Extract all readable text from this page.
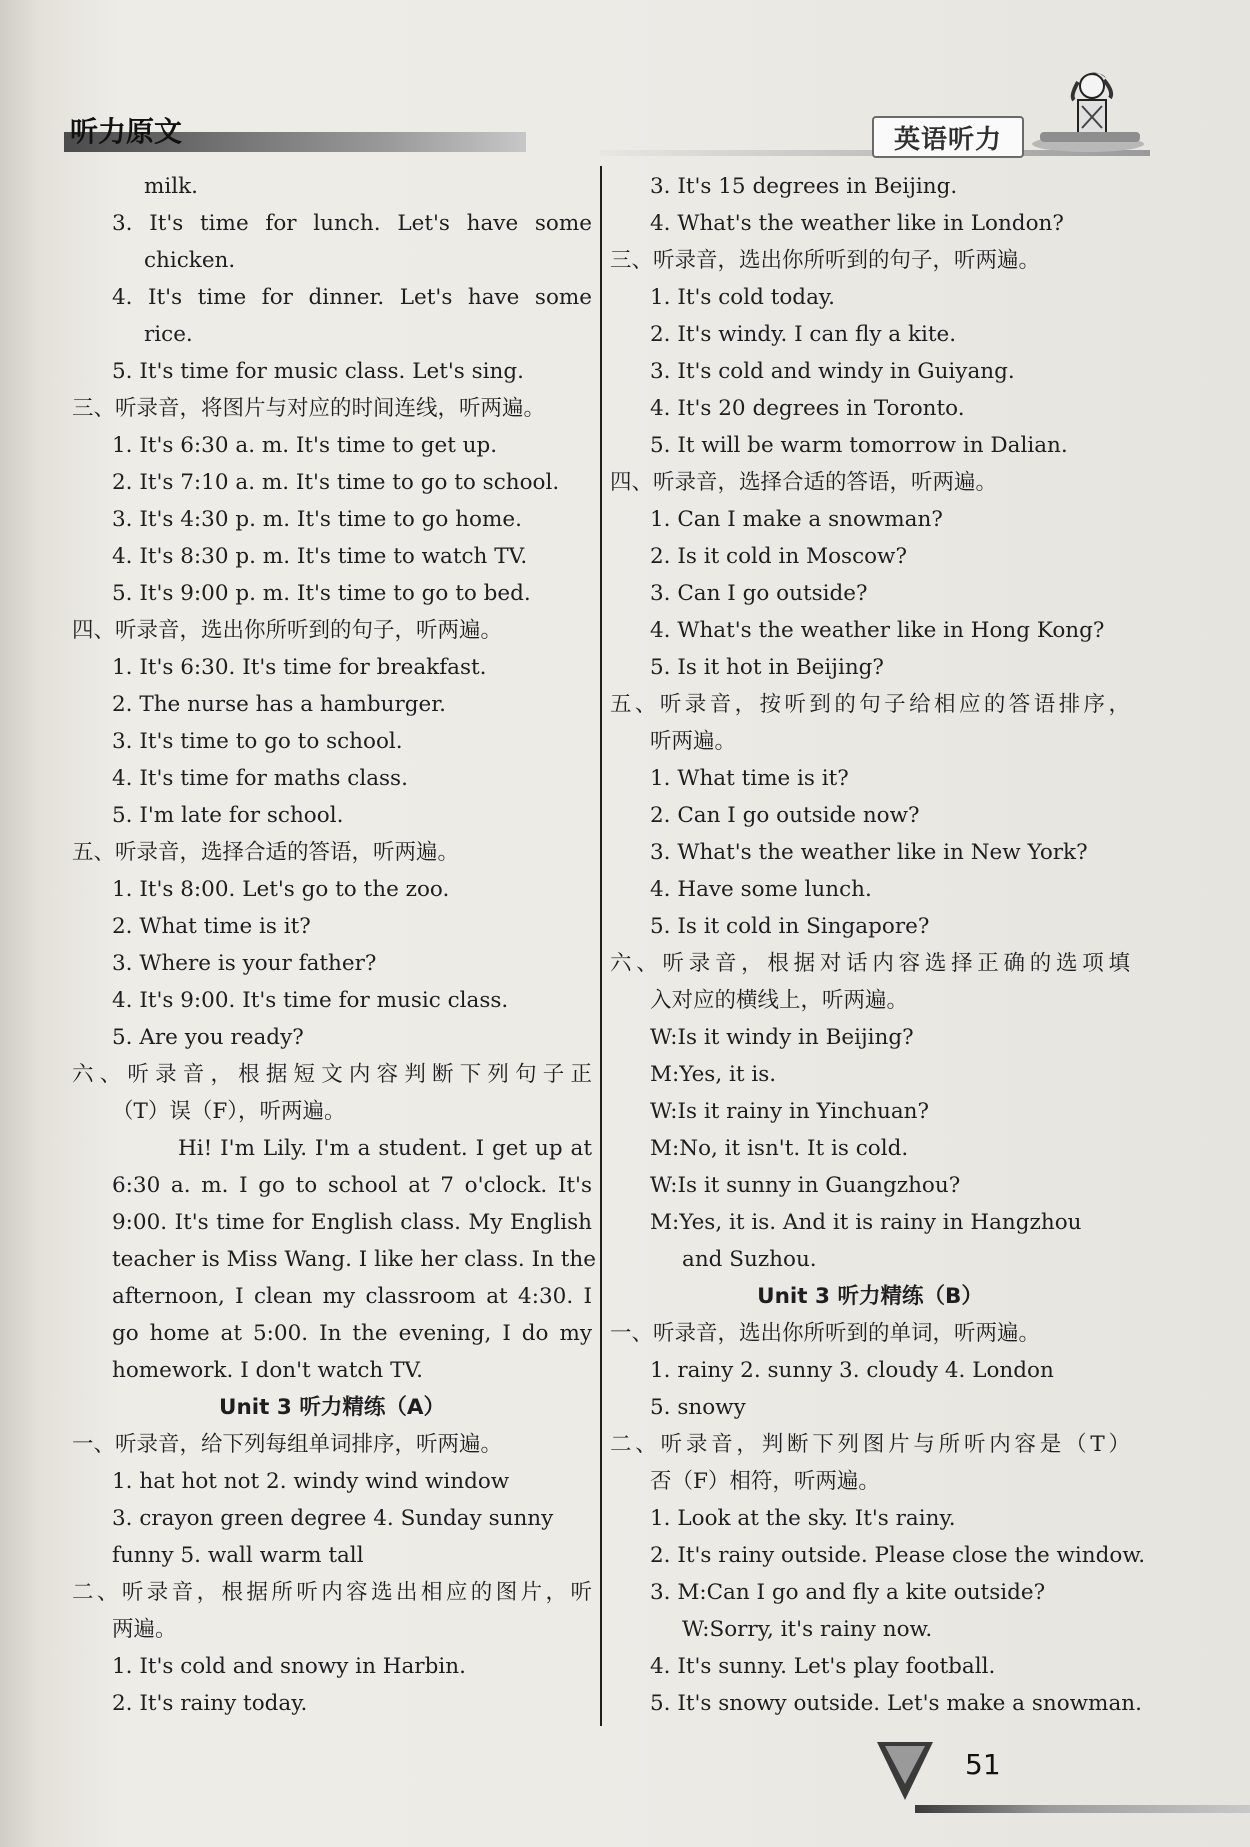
听力原文	英语听力
milk.
3. It's time for lunch. Let's have some
chicken.
4. It's time for dinner. Let's have some
rice.
5. It's time for music class. Let's sing.
三、听录音，将图片与对应的时间连线，听两遍。
1. It's 6:30 a. m. It's time to get up.
2. It's 7:10 a. m. It's time to go to school.
3. It's 4:30 p. m. It's time to go home.
4. It's 8:30 p. m. It's time to watch TV.
5. It's 9:00 p. m. It's time to go to bed.
四、听录音，选出你所听到的句子，听两遍。
1. It's 6:30. It's time for breakfast.
2. The nurse has a hamburger.
3. It's time to go to school.
4. It's time for maths class.
5. I'm late for school.
五、听录音，选择合适的答语，听两遍。
1. It's 8:00. Let's go to the zoo.
2. What time is it?
3. Where is your father?
4. It's 9:00. It's time for music class.
5. Are you ready?
六、听录音，根据短文内容判断下列句子正
（T）误（F），听两遍。
Hi! I'm Lily. I'm a student. I get up at
6:30 a. m. I go to school at 7 o'clock. It's
9:00. It's time for English class. My English
teacher is Miss Wang. I like her class. In the
afternoon, I clean my classroom at 4:30. I
go home at 5:00. In the evening, I do my
homework. I don't watch TV.
Unit 3 听力精练（A）
一、听录音，给下列每组单词排序，听两遍。
1. hat hot not 2. windy wind window
3. crayon green degree 4. Sunday sunny
funny 5. wall warm tall
二、听录音，根据所听内容选出相应的图片，听
两遍。
1. It's cold and snowy in Harbin.
2. It's rainy today.
3. It's 15 degrees in Beijing.
4. What's the weather like in London?
三、听录音，选出你所听到的句子，听两遍。
1. It's cold today.
2. It's windy. I can fly a kite.
3. It's cold and windy in Guiyang.
4. It's 20 degrees in Toronto.
5. It will be warm tomorrow in Dalian.
四、听录音，选择合适的答语，听两遍。
1. Can I make a snowman?
2. Is it cold in Moscow?
3. Can I go outside?
4. What's the weather like in Hong Kong?
5. Is it hot in Beijing?
五、听录音，按听到的句子给相应的答语排序，
听两遍。
1. What time is it?
2. Can I go outside now?
3. What's the weather like in New York?
4. Have some lunch.
5. Is it cold in Singapore?
六、听录音，根据对话内容选择正确的选项填
入对应的横线上，听两遍。
W:Is it windy in Beijing?
M:Yes, it is.
W:Is it rainy in Yinchuan?
M:No, it isn't. It is cold.
W:Is it sunny in Guangzhou?
M:Yes, it is. And it is rainy in Hangzhou
and Suzhou.
Unit 3 听力精练（B）
一、听录音，选出你所听到的单词，听两遍。
1. rainy 2. sunny 3. cloudy 4. London
5. snowy
二、听录音，判断下列图片与所听内容是（T）
否（F）相符，听两遍。
1. Look at the sky. It's rainy.
2. It's rainy outside. Please close the window.
3. M:Can I go and fly a kite outside?
W:Sorry, it's rainy now.
4. It's sunny. Let's play football.
5. It's snowy outside. Let's make a snowman.
51
